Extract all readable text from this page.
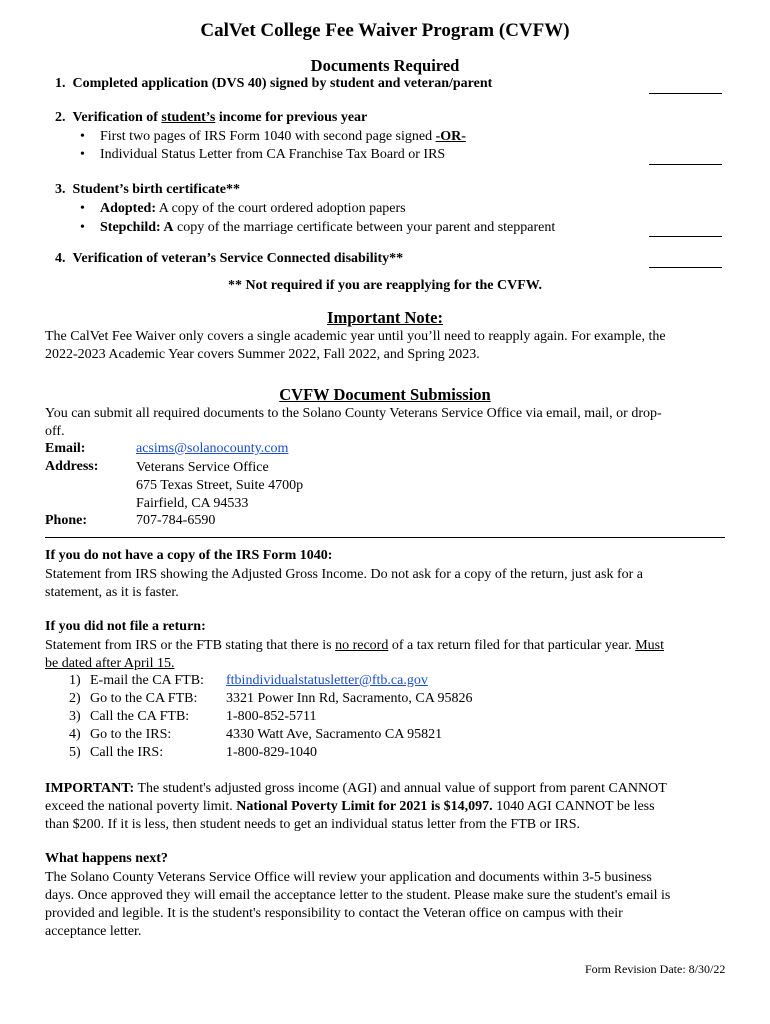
CalVet College Fee Waiver Program (CVFW)
Documents Required
1. Completed application (DVS 40) signed by student and veteran/parent
2. Verification of student’s income for previous year
• First two pages of IRS Form 1040 with second page signed -OR-
• Individual Status Letter from CA Franchise Tax Board or IRS
3. Student’s birth certificate**
• Adopted: A copy of the court ordered adoption papers
• Stepchild: A copy of the marriage certificate between your parent and stepparent
4. Verification of veteran’s Service Connected disability**
** Not required if you are reapplying for the CVFW.
Important Note:
The CalVet Fee Waiver only covers a single academic year until you’ll need to reapply again. For example, the
2022-2023 Academic Year covers Summer 2022, Fall 2022, and Spring 2023.
CVFW Document Submission
You can submit all required documents to the Solano County Veterans Service Office via email, mail, or drop-
off.
Email:	acsims@solanocounty.com
Address:	Veterans Service Office
675 Texas Street, Suite 4700p
Fairfield, CA 94533
Phone:	707-784-6590
If you do not have a copy of the IRS Form 1040:
Statement from IRS showing the Adjusted Gross Income. Do not ask for a copy of the return, just ask for a
statement, as it is faster.
If you did not file a return:
Statement from IRS or the FTB stating that there is no record of a tax return filed for that particular year. Must
be dated after April 15.
1) E-mail the CA FTB: ftbindividualstatusletter@ftb.ca.gov
2) Go to the CA FTB: 3321 Power Inn Rd, Sacramento, CA 95826
3) Call the CA FTB:	1-800-852-5711
4) Go to the IRS:	4330 Watt Ave, Sacramento CA 95821
5) Call the IRS:	1-800-829-1040
IMPORTANT: The student's adjusted gross income (AGI) and annual value of support from parent CANNOT
exceed the national poverty limit. National Poverty Limit for 2021 is $14,097. 1040 AGI CANNOT be less
than $200. If it is less, then student needs to get an individual status letter from the FTB or IRS.
What happens next?
The Solano County Veterans Service Office will review your application and documents within 3-5 business
days. Once approved they will email the acceptance letter to the student. Please make sure the student's email is
provided and legible. It is the student's responsibility to contact the Veteran office on campus with their
acceptance letter.
Form Revision Date: 8/30/22
